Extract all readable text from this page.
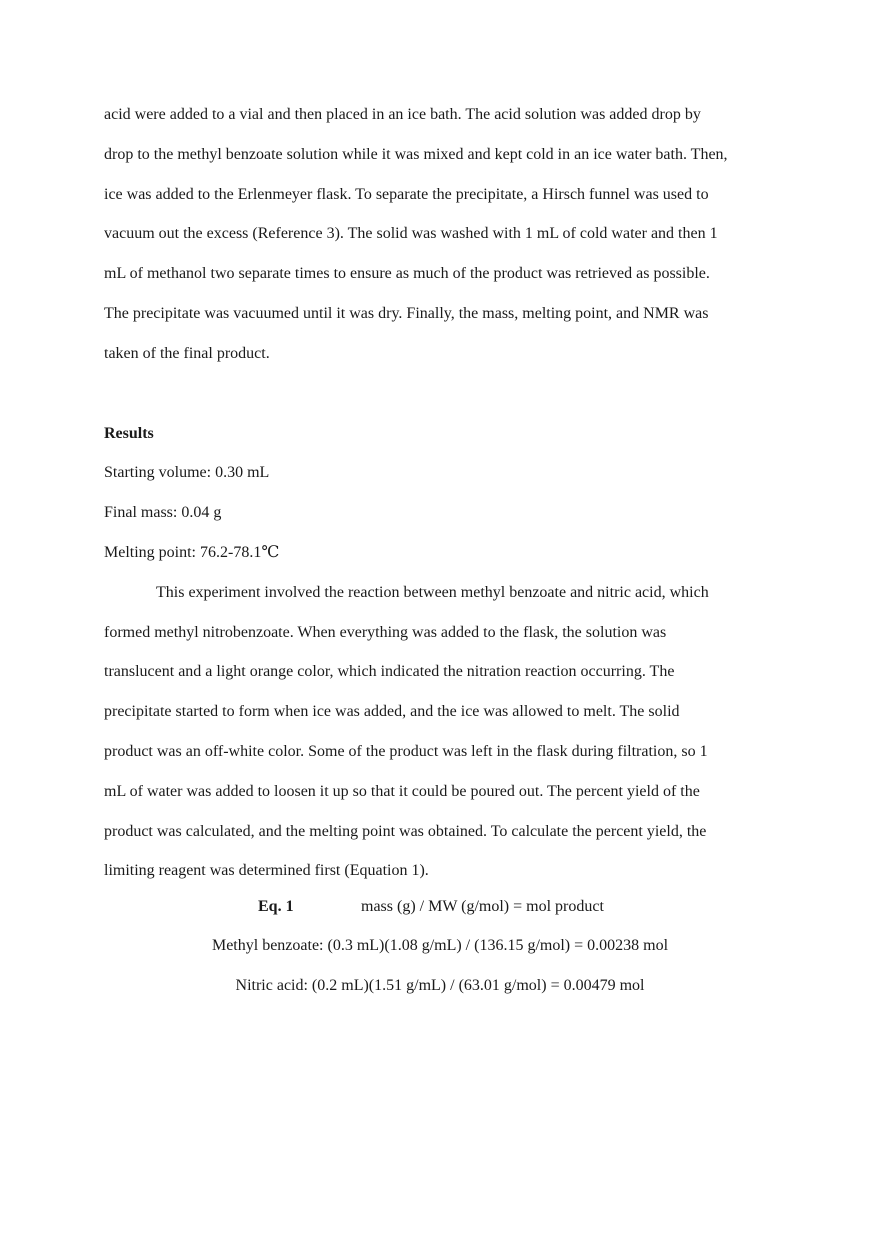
acid were added to a vial and then placed in an ice bath. The acid solution was added drop by
drop to the methyl benzoate solution while it was mixed and kept cold in an ice water bath. Then,
ice was added to the Erlenmeyer flask. To separate the precipitate, a Hirsch funnel was used to
vacuum out the excess (Reference 3). The solid was washed with 1 mL of cold water and then 1
mL of methanol two separate times to ensure as much of the product was retrieved as possible.
The precipitate was vacuumed until it was dry. Finally, the mass, melting point, and NMR was
taken of the final product.
Results
Starting volume: 0.30 mL
Final mass: 0.04 g
Melting point: 76.2-78.1℃
This experiment involved the reaction between methyl benzoate and nitric acid, which
formed methyl nitrobenzoate. When everything was added to the flask, the solution was
translucent and a light orange color, which indicated the nitration reaction occurring. The
precipitate started to form when ice was added, and the ice was allowed to melt. The solid
product was an off-white color. Some of the product was left in the flask during filtration, so 1
mL of water was added to loosen it up so that it could be poured out. The percent yield of the
product was calculated, and the melting point was obtained. To calculate the percent yield, the
limiting reagent was determined first (Equation 1).
Eq. 1	mass (g) / MW (g/mol) = mol product
Methyl benzoate: (0.3 mL)(1.08 g/mL) / (136.15 g/mol) = 0.00238 mol
Nitric acid: (0.2 mL)(1.51 g/mL) / (63.01 g/mol) = 0.00479 mol
